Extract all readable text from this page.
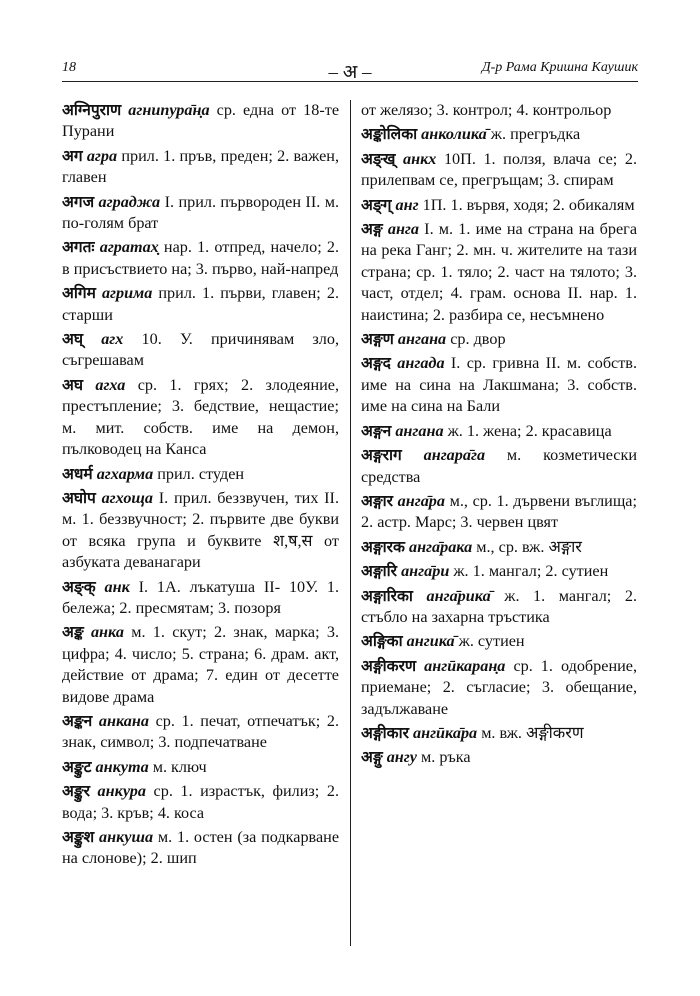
18	– अ –	Д-р Рама Кришна Каушик

अग्निपुराण агнипура̄н̣а ср. една от 18-те Пурани

अग агра прил. 1. пръв, преден; 2. важен, главен

अगज аграджа I. прил. първороден II. м. по-голям брат

अगतः агратах̣ нар. 1. отпред, начело; 2. в присъствието на; 3. първо, най-напред

अगिम агрима прил. 1. първи, главен; 2. старши

अघ् агх 10. У. причинявам зло, съгрешавам

अघ агха ср. 1. грях; 2. злодеяние, престъпление; 3. бедствие, нещастие; м. мит. собств. име на демон, пълководец на Канса

अधर्म агхарма прил. студен

अघोप агхоща I. прил. беззвучен, тих II. м. 1. беззвучност; 2. първите две букви от всяка група и буквите श,ष,स от азбуката деванагари

अङ्क् анк I. 1А. лъкатуша II- 10У. 1. бележа; 2. пресмятам; 3. позоря

अङ्क анка м. 1. скут; 2. знак, марка; 3. цифра; 4. число; 5. страна; 6. драм. акт, действие от драма; 7. един от десетте видове драма

अङ्कन анкана ср. 1. печат, отпечатък; 2. знак, символ; 3. подпечатване

अङ्कुट анкута м. ключ

अङ्कुर анкура ср. 1. израстък, филиз; 2. вода; 3. кръв; 4. коса

अङ्कुश анкуша м. 1. остен (за подкарване на слонове); 2. шип

от желязо; 3. контрол; 4. контрольор

अङ्कोलिका анколика̄ ж. прегръдка

अङ्ख् анкх 10П. 1. ползя, влача се; 2. прилепвам се, прегръщам; 3. спирам

अङ्ग् анг 1П. 1. вървя, ходя; 2. обикалям

अङ्ग анга I. м. 1. име на страна на брега на река Ганг; 2. мн. ч. жителите на тази страна; ср. 1. тяло; 2. част на тялото; 3. част, отдел; 4. грам. основа II. нар. 1. наистина; 2. разбира се, несъмнено

अङ्गण ангана ср. двор

अङ्गद ангада I. ср. гривна II. м. собств. име на сина на Лакшмана; 3. собств. име на сина на Бали

अङ्गन ангана ж. 1. жена; 2. красавица

अङ्गराग ангара̄га м. козметически средства

अङ्गार анга̄ра м., ср. 1. дървени въглища; 2. астр. Марс; 3. червен цвят

अङ्गारक анга̄рака м., ср. вж. अङ्गार

अङ्गारि анга̄ри ж. 1. мангал; 2. сутиен

अङ्गारिका анга̄рика̄ ж. 1. мангал; 2. стъбло на захарна тръстика

अङ्गिका ангика̄ ж. сутиен

अङ्गीकरण ангӣкаран̣а ср. 1. одобрение, приемане; 2. съгласие; 3. обещание, задължаване

अङ्गीकार ангӣка̄ра м. вж. अङ्गीकरण

अङ्गु ангу м. ръка
